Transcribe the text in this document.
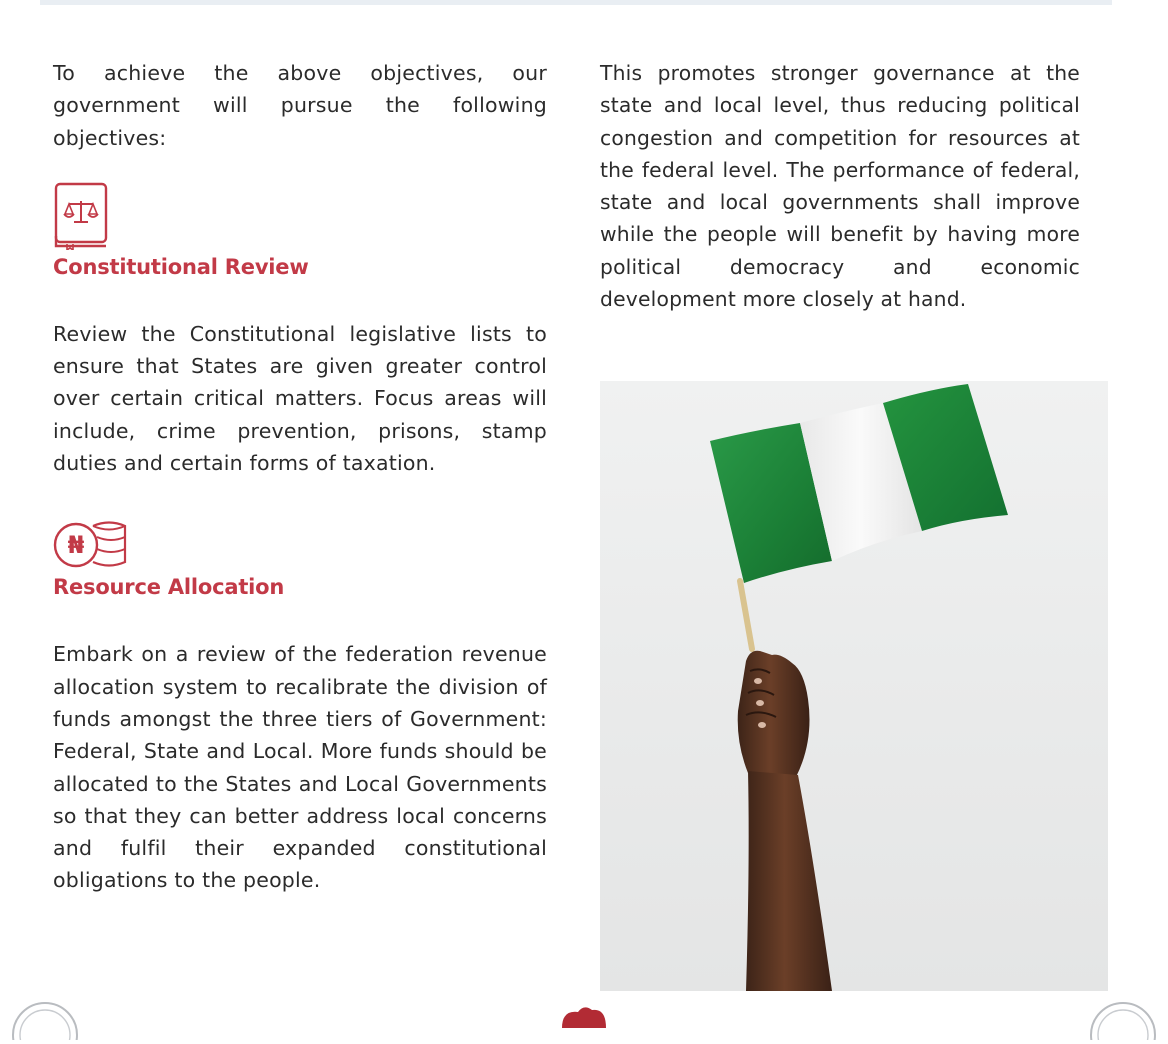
To achieve the above objectives, our government will pursue the following objectives:

Constitutional Review

Review the Constitutional legislative lists to ensure that States are given greater control over certain critical matters. Focus areas will include, crime prevention, prisons, stamp duties and certain forms of taxation.

₦
Resource Allocation

Embark on a review of the federation revenue allocation system to recalibrate the division of funds amongst the three tiers of Government: Federal, State and Local. More funds should be allocated to the States and Local Governments so that they can better address local concerns and fulfil their expanded constitutional obligations to the people.

This promotes stronger governance at the state and local level, thus reducing political congestion and competition for resources at the federal level. The performance of federal, state and local governments shall improve while the people will benefit by having more political democracy and economic development more closely at hand.
